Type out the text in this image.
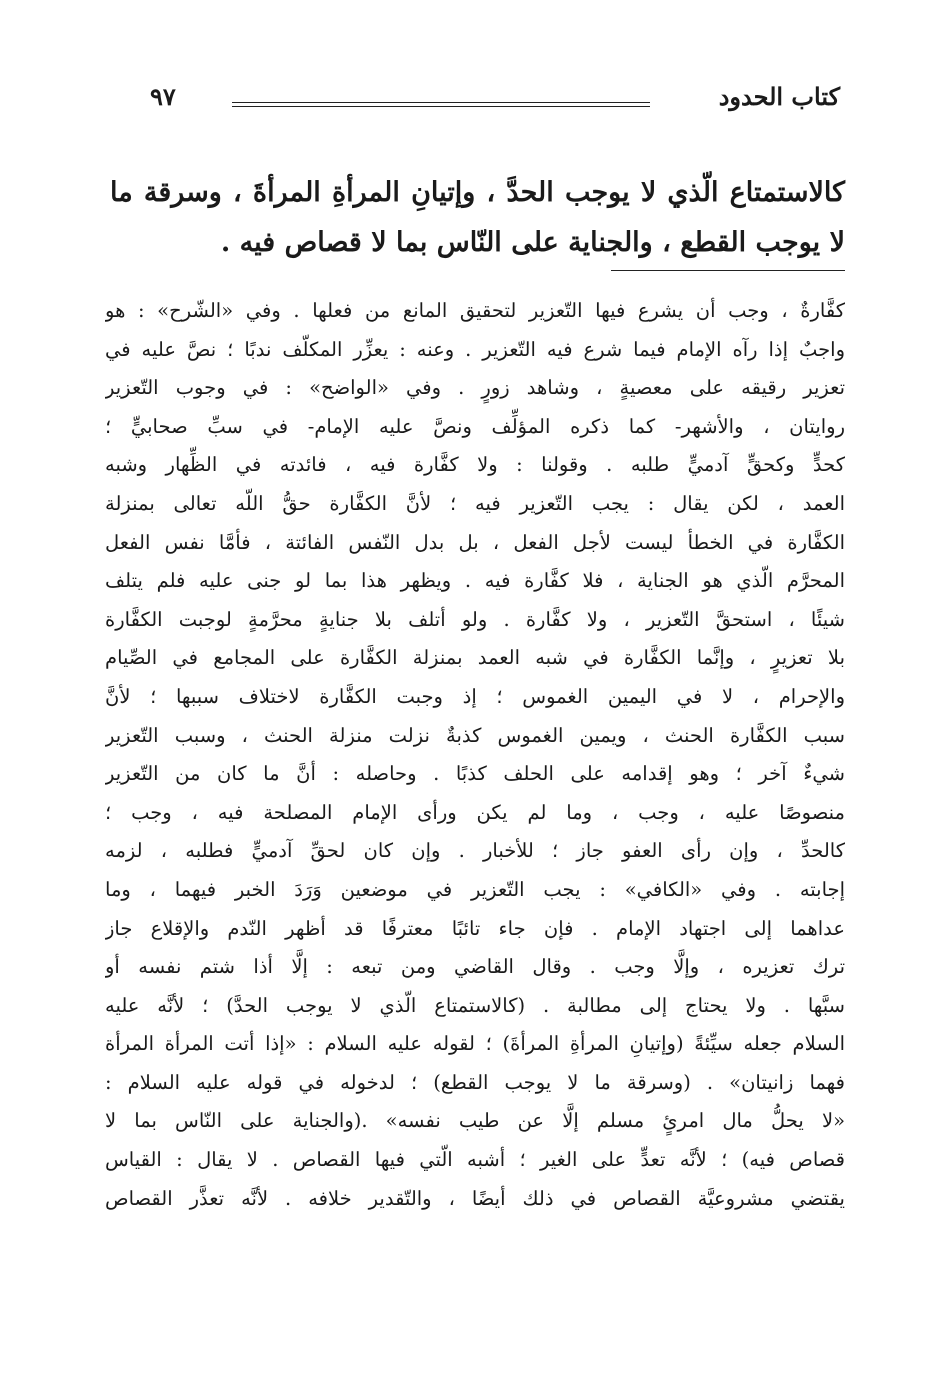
كتاب الحدود
٩٧
كالاستمتاع الّذي لا يوجب الحدَّ ، وإتيانِ المرأةِ المرأةَ ، وسرقة ما لا يوجب القطع ، والجناية على النّاس بما لا قصاص فيه .
كفَّارةٌ ، وجب أن يشرع فيها التّعزير لتحقيق المانع من فعلها . وفي «الشّرح» : هو
واجبٌ إذا رآه الإمام فيما شرع فيه التّعزير . وعنه : يعزِّر المكلّف ندبًا ؛ نصَّ عليه في
تعزير رقيقه على معصيةٍ ، وشاهد زورٍ . وفي «الواضح» : في وجوب التّعزير
روايتان ، والأشهر- كما ذكره المؤلِّف ونصَّ عليه الإمام- في سبِّ صحابيٍّ ؛
كحدٍّ وكحقٍّ آدميٍّ طلبه . وقولنا : ولا كفَّارة فيه ، فائدته في الظِّهار وشبه
العمد ، لكن يقال : يجب التّعزير فيه ؛ لأنَّ الكفَّارة حقُّ اللّه تعالى بمنزلة
الكفَّارة في الخطأ ليست لأجل الفعل ، بل بدل النّفس الفائتة ، فأمَّا نفس الفعل
المحرَّم الّذي هو الجناية ، فلا كفَّارة فيه . ويظهر هذا بما لو جنى عليه فلم يتلف
شيئًا ، استحقَّ التّعزير ، ولا كفَّارة . ولو أتلف بلا جنايةٍ محرَّمةٍ لوجبت الكفَّارة
بلا تعزيرٍ ، وإنَّما الكفَّارة في شبه العمد بمنزلة الكفَّارة على المجامع في الصِّيام
والإحرام ، لا في اليمين الغموس ؛ إذ وجبت الكفَّارة لاختلاف سببها ؛ لأنَّ
سبب الكفَّارة الحنث ، ويمين الغموس كذبةٌ نزلت منزلة الحنث ، وسبب التّعزير
شيءٌ آخر ؛ وهو إقدامه على الحلف كذبًا . وحاصله : أنَّ ما كان من التّعزير
منصوصًا عليه ، وجب ، وما لم يكن ورأى الإمام المصلحة فيه ، وجب ؛
كالحدِّ ، وإن رأى العفو جاز ؛ للأخبار . وإن كان لحقِّ آدميٍّ فطلبه ، لزمه
إجابته . وفي «الكافي» : يجب التّعزير في موضعين وَرَدَ الخبر فيهما ، وما
عداهما إلى اجتهاد الإمام . فإن جاء تائبًا معترفًا قد أظهر النّدم والإقلاع جاز
ترك تعزيره ، وإلَّا وجب . وقال القاضي ومن تبعه : إلَّا أذا شتم نفسه أو
سبَّها . ولا يحتاج إلى مطالبة . (كالاستمتاع الّذي لا يوجب الحدَّ) ؛ لأنَّه عليه
السلام جعله سيِّئةً (وإتيانِ المرأةِ المرأةَ) ؛ لقوله عليه السلام : «إذا أتت المرأة المرأة
فهما زانيتان» . (وسرقة ما لا يوجب القطع) ؛ لدخوله في قوله عليه السلام :
«لا يحلُّ مال امرئٍ مسلم إلَّا عن طيب نفسه» .(والجناية على النّاس بما لا
قصاص فيه) ؛ لأنَّه تعدٍّ على الغير ؛ أشبه الّتي فيها القصاص . لا يقال : القياس
يقتضي مشروعيَّة القصاص في ذلك أيضًا ، والتّقدير خلافه . لأنَّه تعذَّر القصاص
